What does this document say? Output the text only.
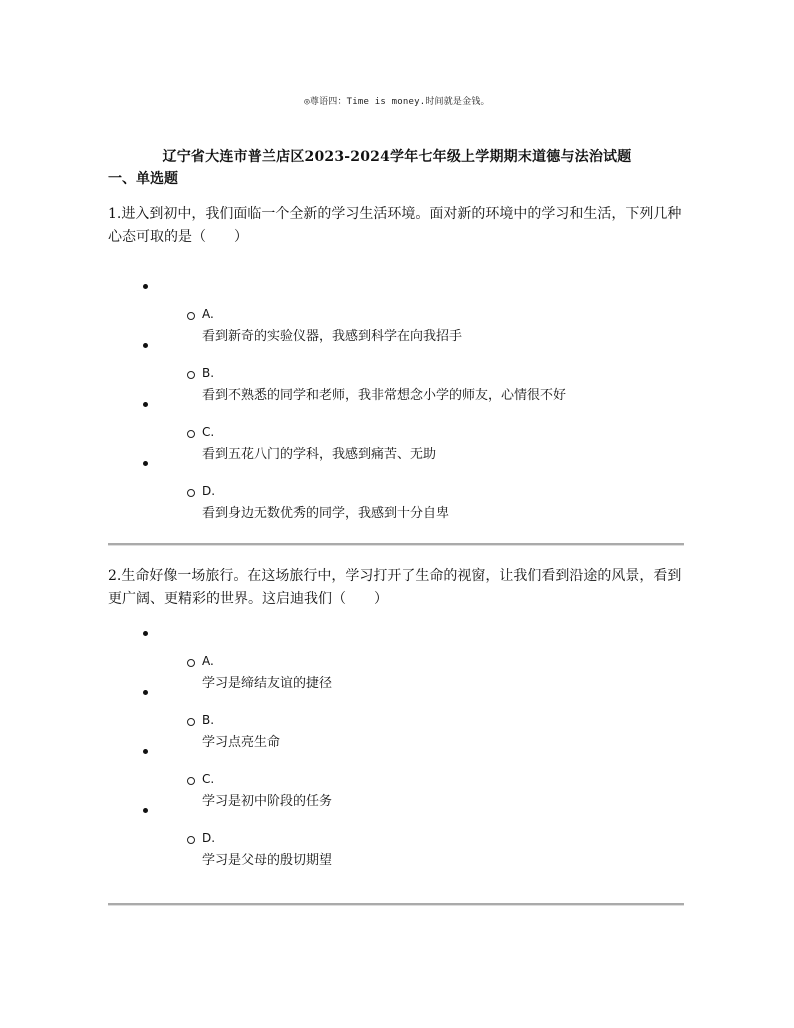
◎尊语四：Time is money.时间就是金钱。
辽宁省大连市普兰店区2023-2024学年七年级上学期期末道德与法治试题
一、单选题
1.进入到初中，我们面临一个全新的学习生活环境。面对新的环境中的学习和生活，下列几种心态可取的是（　　）
A.
看到新奇的实验仪器，我感到科学在向我招手
B.
看到不熟悉的同学和老师，我非常想念小学的师友，心情很不好
C.
看到五花八门的学科，我感到痛苦、无助
D.
看到身边无数优秀的同学，我感到十分自卑
2.生命好像一场旅行。在这场旅行中，学习打开了生命的视窗，让我们看到沿途的风景，看到更广阔、更精彩的世界。这启迪我们（　　）
A.
学习是缔结友谊的捷径
B.
学习点亮生命
C.
学习是初中阶段的任务
D.
学习是父母的殷切期望
